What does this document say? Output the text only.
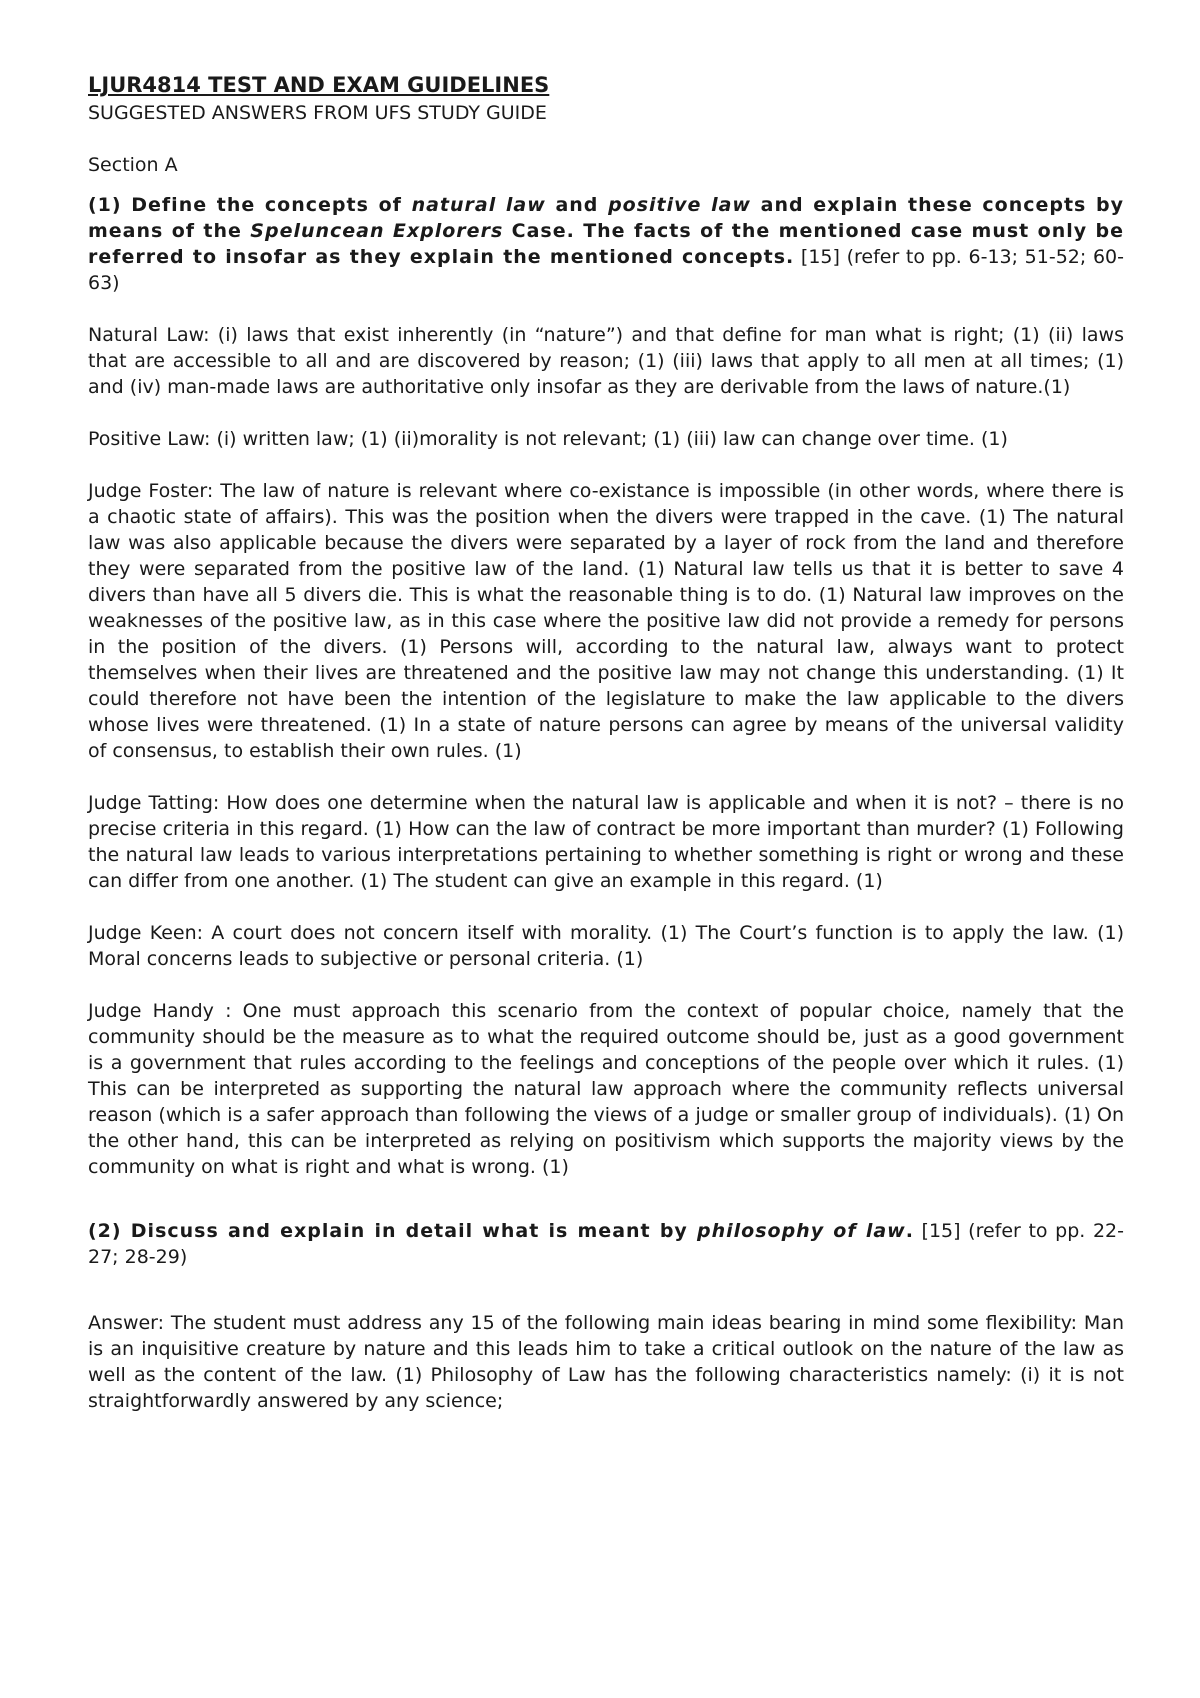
LJUR4814 TEST AND EXAM GUIDELINES

SUGGESTED ANSWERS FROM UFS STUDY GUIDE

Section A

(1) Define the concepts of natural law and positive law and explain these concepts by means of the Speluncean Explorers Case. The facts of the mentioned case must only be referred to insofar as they explain the mentioned concepts. [15] (refer to pp. 6-13; 51-52; 60-63)

Natural Law: (i) laws that exist inherently (in “nature”) and that define for man what is right; (1) (ii) laws that are accessible to all and are discovered by reason; (1) (iii) laws that apply to all men at all times; (1) and (iv) man-made laws are authoritative only insofar as they are derivable from the laws of nature.(1)

Positive Law: (i) written law; (1) (ii)morality is not relevant; (1) (iii) law can change over time. (1)

Judge Foster: The law of nature is relevant where co-existance is impossible (in other words, where there is a chaotic state of affairs). This was the position when the divers were trapped in the cave. (1) The natural law was also applicable because the divers were separated by a layer of rock from the land and therefore they were separated from the positive law of the land. (1) Natural law tells us that it is better to save 4 divers than have all 5 divers die. This is what the reasonable thing is to do. (1) Natural law improves on the weaknesses of the positive law, as in this case where the positive law did not provide a remedy for persons in the position of the divers. (1) Persons will, according to the natural law, always want to protect themselves when their lives are threatened and the positive law may not change this understanding. (1) It could therefore not have been the intention of the legislature to make the law applicable to the divers whose lives were threatened. (1) In a state of nature persons can agree by means of the universal validity of consensus, to establish their own rules. (1)

Judge Tatting: How does one determine when the natural law is applicable and when it is not? – there is no precise criteria in this regard. (1) How can the law of contract be more important than murder? (1) Following the natural law leads to various interpretations pertaining to whether something is right or wrong and these can differ from one another. (1) The student can give an example in this regard. (1)

Judge Keen: A court does not concern itself with morality. (1) The Court’s function is to apply the law. (1) Moral concerns leads to subjective or personal criteria. (1)

Judge Handy : One must approach this scenario from the context of popular choice, namely that the community should be the measure as to what the required outcome should be, just as a good government is a government that rules according to the feelings and conceptions of the people over which it rules. (1) This can be interpreted as supporting the natural law approach where the community reflects universal reason (which is a safer approach than following the views of a judge or smaller group of individuals). (1) On the other hand, this can be interpreted as relying on positivism which supports the majority views by the community on what is right and what is wrong. (1)

(2) Discuss and explain in detail what is meant by philosophy of law. [15] (refer to pp. 22-27; 28-29)

Answer: The student must address any 15 of the following main ideas bearing in mind some flexibility: Man is an inquisitive creature by nature and this leads him to take a critical outlook on the nature of the law as well as the content of the law. (1) Philosophy of Law has the following characteristics namely: (i) it is not straightforwardly answered by any science;
